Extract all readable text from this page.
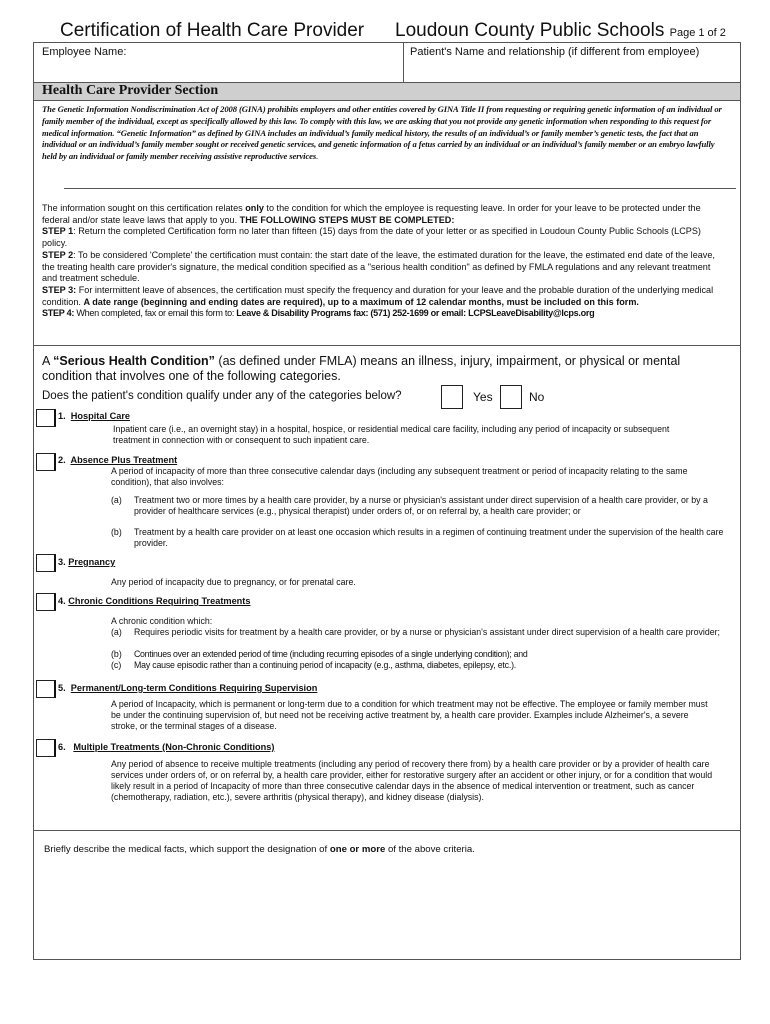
Certification of Health Care Provider Loudoun County Public Schools Page 1 of 2
Employee Name:	Patient's Name and relationship (if different from employee)
Health Care Provider Section
The Genetic Information Nondiscrimination Act of 2008 (GINA) prohibits employers and other entities covered by GINA Title II from requesting or requiring genetic information of an individual or family member of the individual, except as specifically allowed by this law. To comply with this law, we are asking that you not provide any genetic information when responding to this request for medical information. “Genetic Information” as defined by GINA includes an individual’s family medical history, the results of an individual’s or family member’s genetic tests, the fact that an individual or an individual’s family member sought or received genetic services, and genetic information of a fetus carried by an individual or an individual’s family member or an embryo lawfully held by an individual or family member receiving assistive reproductive services.

The information sought on this certification relates only to the condition for which the employee is requesting leave. In order for your leave to be protected under the federal and/or state leave laws that apply to you. THE FOLLOWING STEPS MUST BE COMPLETED:

STEP 1: Return the completed Certification form no later than fifteen (15) days from the date of your letter or as specified in Loudoun County Public Schools (LCPS) policy.

STEP 2: To be considered 'Complete' the certification must contain: the start date of the leave, the estimated duration for the leave, the estimated end date of the leave, the treating health care provider's signature, the medical condition specified as a "serious health condition" as defined by FMLA regulations and any relevant treatment and treatment schedule.

STEP 3: For intermittent leave of absences, the certification must specify the frequency and duration for your leave and the probable duration of the underlying medical condition. A date range (beginning and ending dates are required), up to a maximum of 12 calendar months, must be included on this form.

STEP 4: When completed, fax or email this form to: Leave & Disability Programs fax: (571) 252-1699 or email: LCPSLeaveDisability@lcps.org

A “Serious Health Condition” (as defined under FMLA) means an illness, injury, impairment, or physical or mental condition that involves one of the following categories.
Does the patient's condition qualify under any of the categories below?	Yes	No
1. Hospital Care
Inpatient care (i.e., an overnight stay) in a hospital, hospice, or residential medical care facility, including any period of incapacity or subsequent treatment in connection with or consequent to such inpatient care.
2. Absence Plus Treatment
A period of incapacity of more than three consecutive calendar days (including any subsequent treatment or period of incapacity relating to the same condition), that also involves:
(a) Treatment two or more times by a health care provider, by a nurse or physician's assistant under direct supervision of a health care provider, or by a provider of healthcare services (e.g., physical therapist) under orders of, or on referral by, a health care provider; or
(b) Treatment by a health care provider on at least one occasion which results in a regimen of continuing treatment under the supervision of the health care provider.
3. Pregnancy
Any period of incapacity due to pregnancy, or for prenatal care.
4. Chronic Conditions Requiring Treatments
A chronic condition which:
(a) Requires periodic visits for treatment by a health care provider, or by a nurse or physician's assistant under direct supervision of a health care provider;
(b) Continues over an extended period of time (including recurring episodes of a single underlying condition); and
(c) May cause episodic rather than a continuing period of incapacity (e.g., asthma, diabetes, epilepsy, etc.).
5. Permanent/Long-term Conditions Requiring Supervision
A period of Incapacity, which is permanent or long-term due to a condition for which treatment may not be effective. The employee or family member must be under the continuing supervision of, but need not be receiving active treatment by, a health care provider. Examples include Alzheimer's, a severe stroke, or the terminal stages of a disease.
6. Multiple Treatments (Non-Chronic Conditions)
Any period of absence to receive multiple treatments (including any period of recovery there from) by a health care provider or by a provider of health care services under orders of, or on referral by, a health care provider, either for restorative surgery after an accident or other injury, or for a condition that would likely result in a period of Incapacity of more than three consecutive calendar days in the absence of medical intervention or treatment, such as cancer (chemotherapy, radiation, etc.), severe arthritis (physical therapy), and kidney disease (dialysis).
Briefly describe the medical facts, which support the designation of one or more of the above criteria.
